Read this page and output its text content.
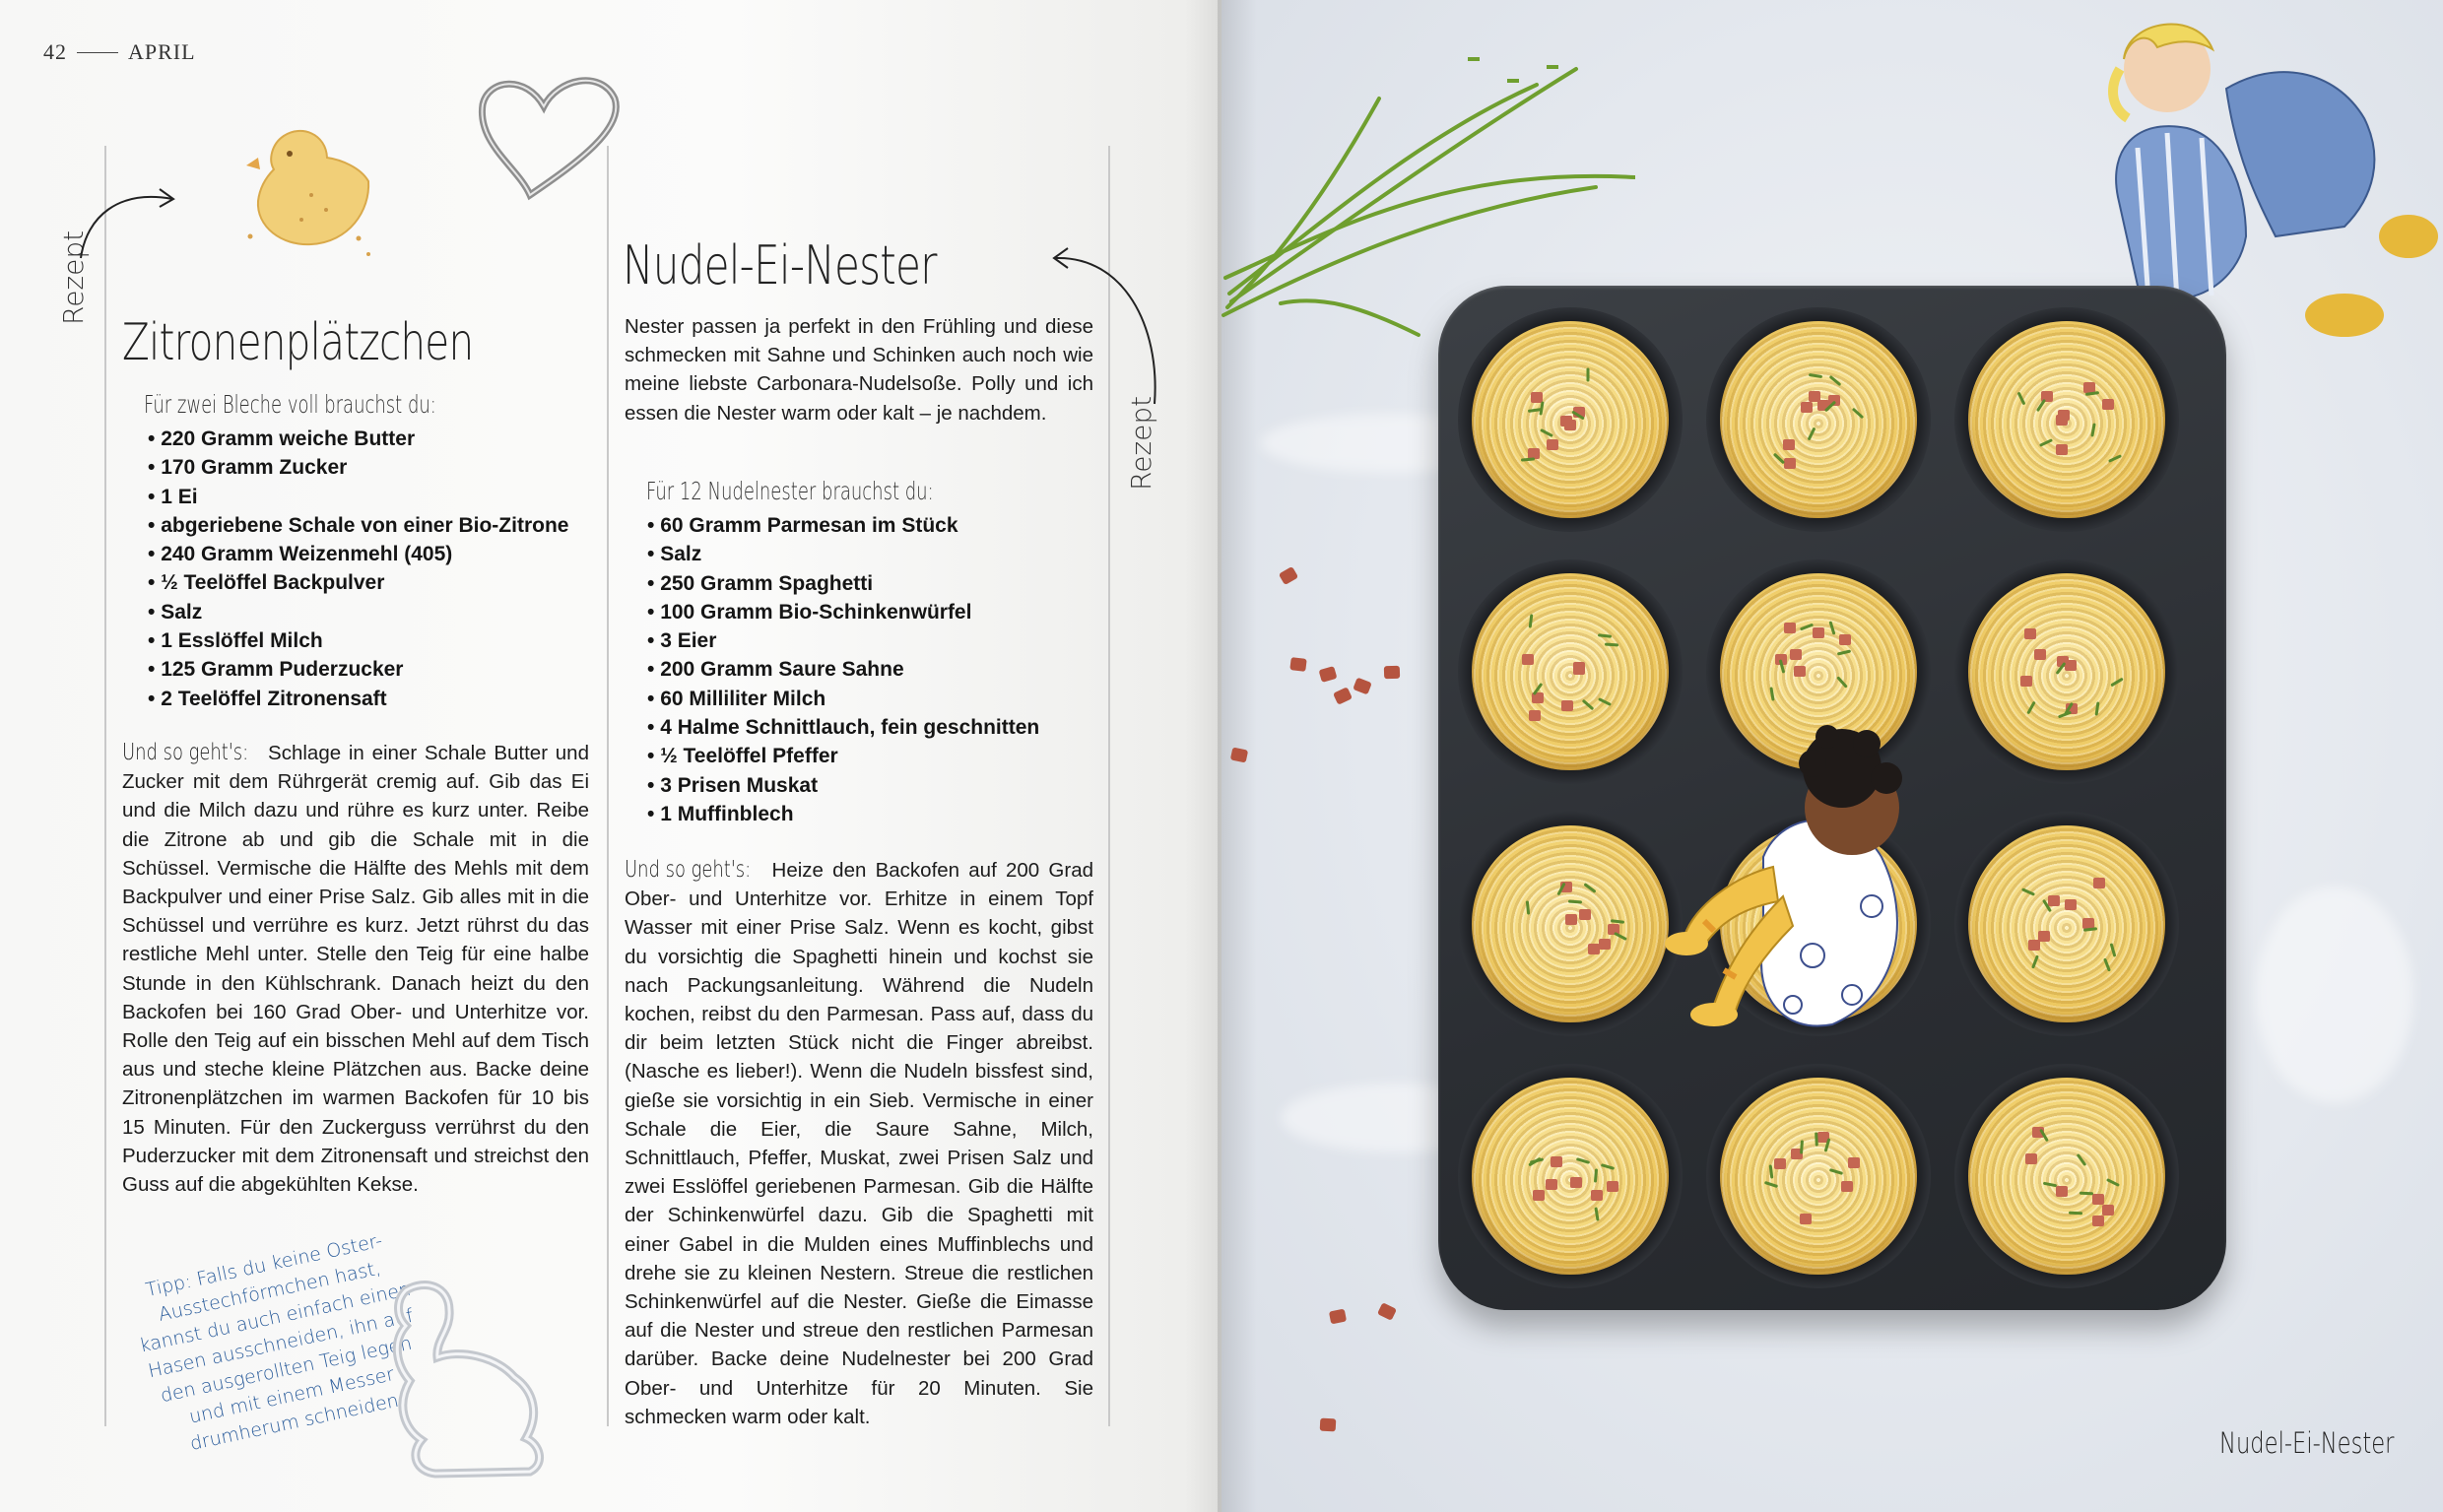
42	APRIL
Rezept
Rezept
Zitronenplätzchen
Für zwei Bleche voll brauchst du:
• 220 Gramm weiche Butter
• 170 Gramm Zucker
• 1 Ei
• abgeriebene Schale von einer Bio-Zitrone
• 240 Gramm Weizenmehl (405)
• ½ Teelöffel Backpulver
• Salz
• 1 Esslöffel Milch
• 125 Gramm Puderzucker
• 2 Teelöffel Zitronensaft
Und so geht's: Schlage in einer Schale Butter und Zucker mit dem Rührgerät cremig auf. Gib das Ei und die Milch dazu und rühre es kurz unter. Reibe die Zitrone ab und gib die Schale mit in die Schüssel. Vermische die Hälfte des Mehls mit dem Backpulver und einer Prise Salz. Gib alles mit in die Schüssel und verrühre es kurz. Jetzt rührst du das restliche Mehl unter. Stelle den Teig für eine halbe Stunde in den Kühlschrank. Danach heizt du den Backofen bei 160 Grad Ober- und Unterhitze vor. Rolle den Teig auf ein bisschen Mehl auf dem Tisch aus und steche kleine Plätzchen aus. Backe deine Zitronenplätzchen im warmen Backofen für 10 bis 15 Minuten. Für den Zuckerguss verrührst du den Puderzucker mit dem Zitronensaft und streichst den Guss auf die abgekühlten Kekse.
Tipp: Falls du keine Oster-Ausstechförmchen hast, kannst du auch einfach einen Hasen ausschneiden, ihn auf den ausgerollten Teig legen und mit einem Messer drumherum schneiden.
Nudel-Ei-Nester
Nester passen ja perfekt in den Frühling und diese schmecken mit Sahne und Schinken auch noch wie meine liebste Carbonara-Nudelsoße. Polly und ich essen die Nester warm oder kalt – je nachdem.
Für 12 Nudelnester brauchst du:
• 60 Gramm Parmesan im Stück
• Salz
• 250 Gramm Spaghetti
• 100 Gramm Bio-Schinkenwürfel
• 3 Eier
• 200 Gramm Saure Sahne
• 60 Milliliter Milch
• 4 Halme Schnittlauch, fein geschnitten
• ½ Teelöffel Pfeffer
• 3 Prisen Muskat
• 1 Muffinblech
Und so geht's: Heize den Backofen auf 200 Grad Ober- und Unterhitze vor. Erhitze in einem Topf Wasser mit einer Prise Salz. Wenn es kocht, gibst du vorsichtig die Spaghetti hinein und kochst sie nach Packungsanleitung. Während die Nudeln kochen, reibst du den Parmesan. Pass auf, dass du dir beim letzten Stück nicht die Finger abreibst. (Nasche es lieber!). Wenn die Nudeln bissfest sind, gieße sie vorsichtig in ein Sieb. Vermische in einer Schale die Eier, die Saure Sahne, Milch, Schnittlauch, Pfeffer, Muskat, zwei Prisen Salz und zwei Esslöffel geriebenen Parmesan. Gib die Hälfte der Schinkenwürfel dazu. Gib die Spaghetti mit einer Gabel in die Mulden eines Muffinblechs und drehe sie zu kleinen Nestern. Streue die restlichen Schinkenwürfel auf die Nester. Gieße die Eimasse auf die Nester und streue den restlichen Parmesan darüber. Backe deine Nudelnester bei 200 Grad Ober- und Unterhitze für 20 Minuten. Sie schmecken warm oder kalt.
Nudel-Ei-Nester
